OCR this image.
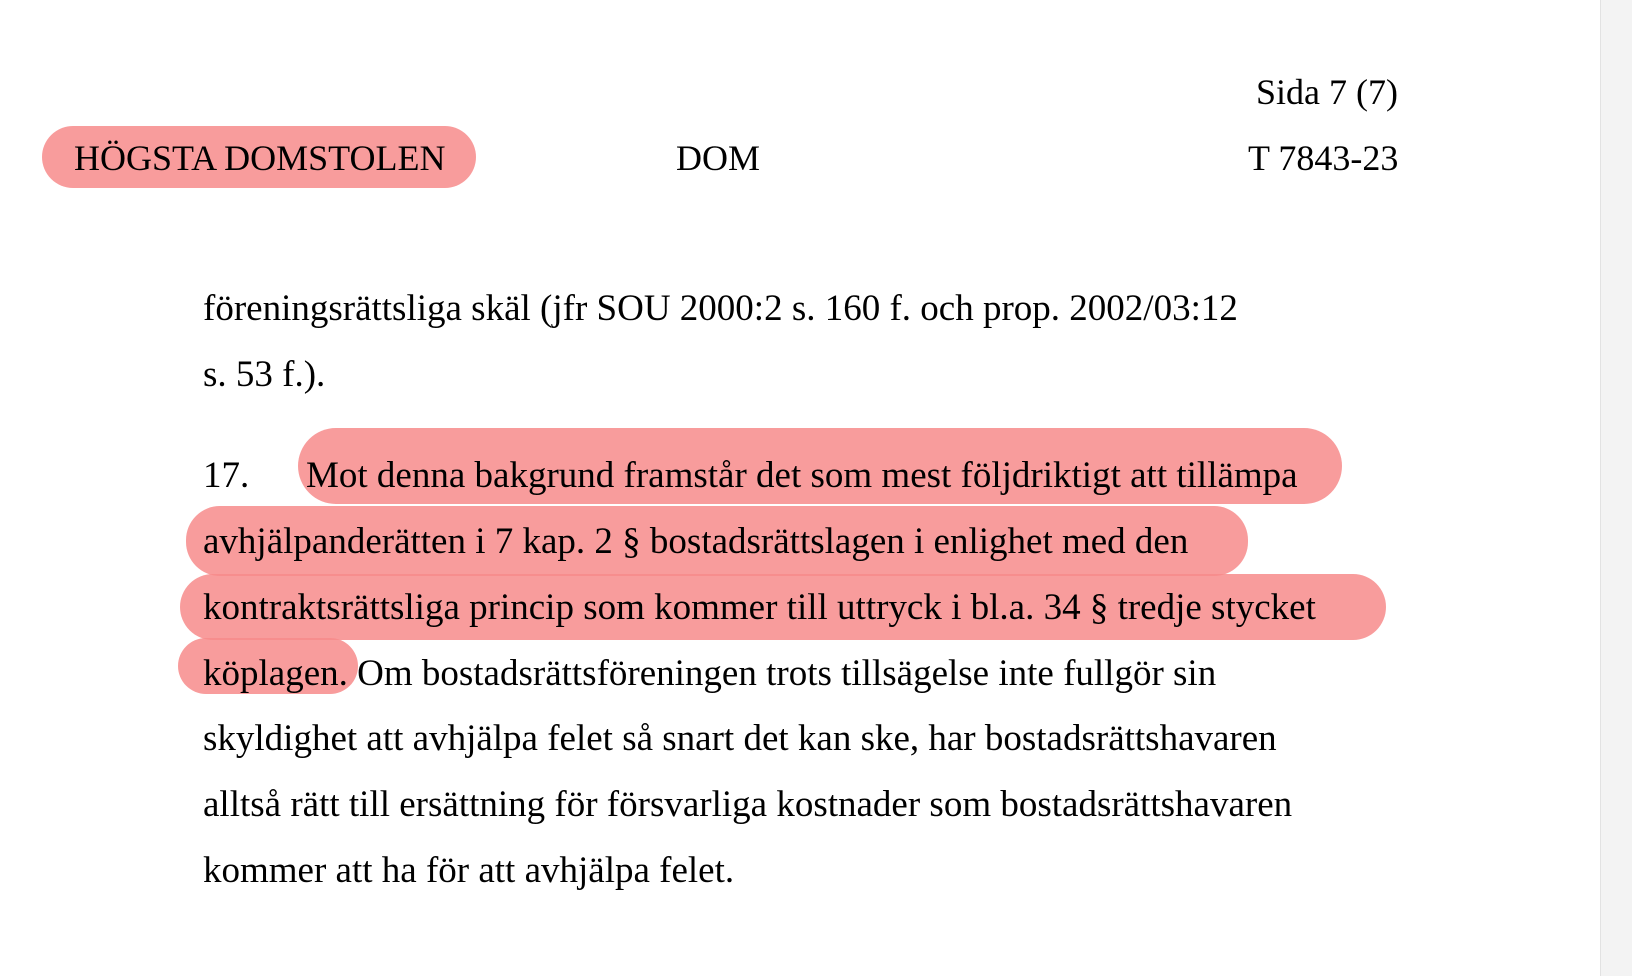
Sida 7 (7)
HÖGSTA DOMSTOLEN	DOM	T 7843-23
föreningsrättsliga skäl (jfr SOU 2000:2 s. 160 f. och prop. 2002/03:12
s. 53 f.).
17. Mot denna bakgrund framstår det som mest följdriktigt att tillämpa
avhjälpanderätten i 7 kap. 2 § bostadsrättslagen i enlighet med den
kontraktsrättsliga princip som kommer till uttryck i bl.a. 34 § tredje stycket
köplagen. Om bostadsrättsföreningen trots tillsägelse inte fullgör sin
skyldighet att avhjälpa felet så snart det kan ske, har bostadsrättshavaren
alltså rätt till ersättning för försvarliga kostnader som bostadsrättshavaren
kommer att ha för att avhjälpa felet.
